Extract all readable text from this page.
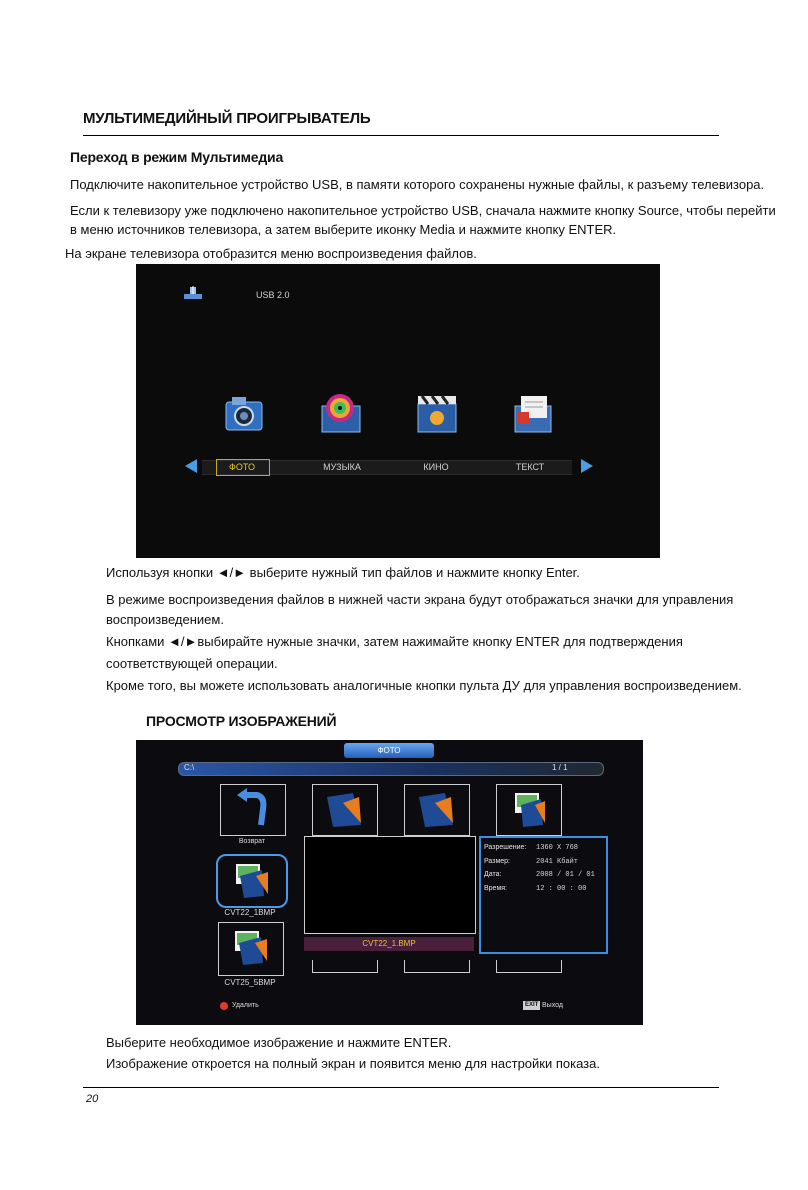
МУЛЬТИМЕДИЙНЫЙ ПРОИГРЫВАТЕЛЬ
Переход в режим Мультимедиа
Подключите накопительное устройство USB, в памяти которого сохранены нужные файлы, к разъему телевизора.
Если к телевизору уже подключено накопительное устройство USB, сначала нажмите кнопку Source, чтобы перейти
в меню источников телевизора, а затем выберите иконку Media и нажмите кнопку ENTER.
На экране телевизора отобразится меню воспроизведения файлов.
USB 2.0
ФОТО	МУЗЫКА	КИНО	ТЕКСТ
Используя кнопки ◄/► выберите нужный тип файлов и нажмите кнопку Enter.
В режиме воспроизведения файлов в нижней части экрана будут отображаться значки для управления
воспроизведением.
Кнопками ◄/►выбирайте нужные значки, затем нажимайте кнопку ENTER для подтверждения
соответствующей операции.
Кроме того, вы можете использовать аналогичные кнопки пульта ДУ для управления воспроизведением.
ПРОСМОТР ИЗОБРАЖЕНИЙ
ФОТО
C:\	1 / 1
Возврат
CVT22_1BMP
CVT25_5BMP
CVT22_1.BMP
Разрешение: 1360 X 768
Размер:	2041 Кбайт
Дата:	2008 / 01 / 01
Время:	12 : 00 : 00
Удалить	EXIT Выход
Выберите необходимое изображение и нажмите ENTER.
Изображение откроется на полный экран и появится меню для настройки показа.
20
